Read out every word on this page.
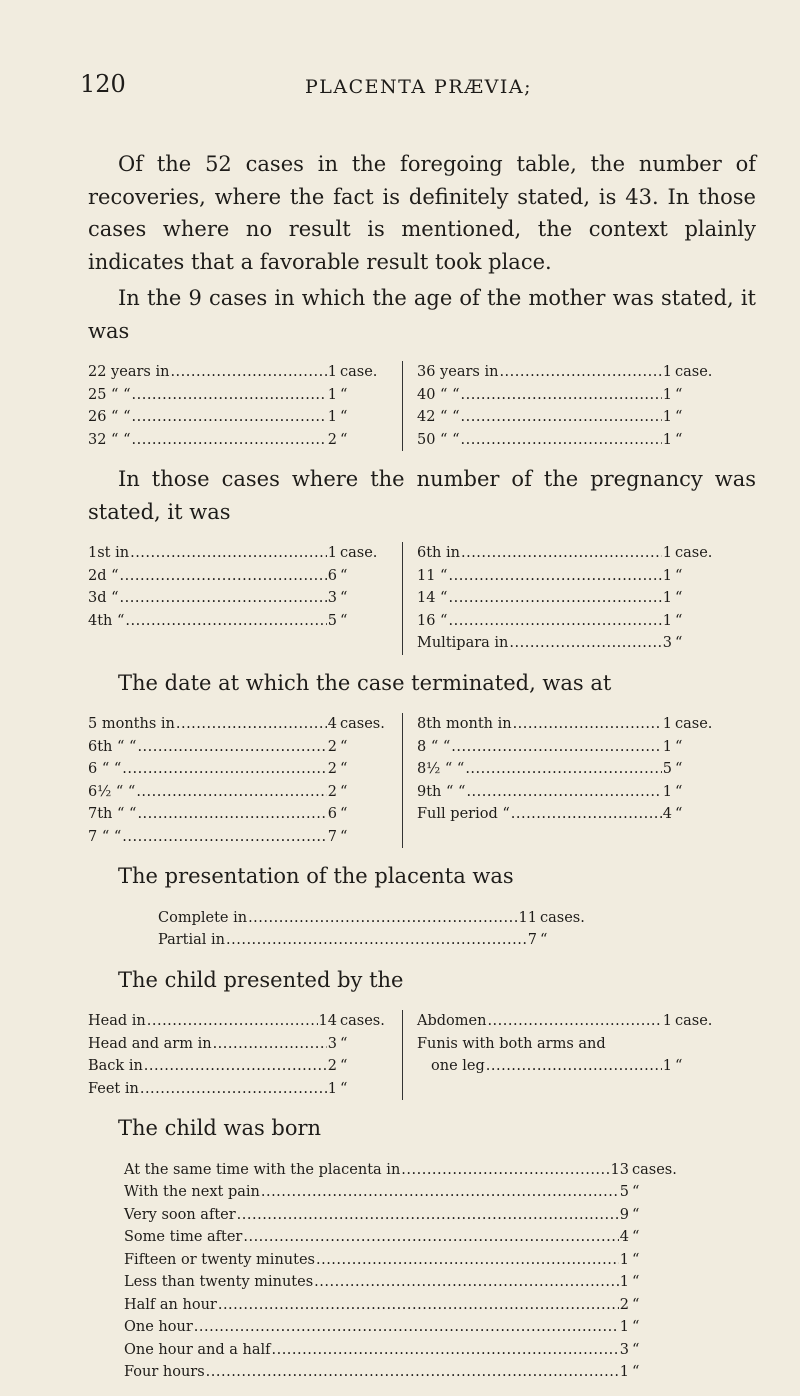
120	PLACENTA PRÆVIA;

Of the 52 cases in the foregoing table, the number of recoveries, where the fact is definitely stated, is 43. In those cases where no result is mentioned, the context plainly indicates that a favorable result took place.

In the 9 cases in which the age of the mother was stated, it was

22 years in .....	1 case.
25 “ “ .....	1 “
26 “ “ .....	1 “
32 “ “ .....	2 “
36 years in .....	1 case.
40 “ “ .....	1 “
42 “ “ .....	1 “
50 “ “ .....	1 “

In those cases where the number of the pregnancy was stated, it was

1st in .....	1 case.
2d “ .....	6 “
3d “ .....	3 “
4th “ .....	5 “
6th in .....	1 case.
11 “ .....	1 “
14 “ .....	1 “
16 “ .....	1 “
Multipara in .....	3 “

The date at which the case terminated, was at

5 months in .....	4 cases.
6th “ “ .....	2 “
6 “ “ .....	2 “
6½ “ “ .....	2 “
7th “ “ .....	6 “
7 “ “ .....	7 “
8th month in .....	1 case.
8 “ “ .....	1 “
8½ “ “ .....	5 “
9th “ “ .....	1 “
Full period “ .....	4 “

The presentation of the placenta was

Complete in .....	11 cases.
Partial in .....	7 “

The child presented by the

Head in .....	14 cases.
Head and arm in .....	3 “
Back in .....	2 “
Feet in .....	1 “
Abdomen .....	1 case.
Funis with both arms and
one leg .....	1 “

The child was born

At the same time with the placenta in .....	13 cases.
With the next pain .....	5 “
Very soon after .....	9 “
Some time after .....	4 “
Fifteen or twenty minutes .....	1 “
Less than twenty minutes .....	1 “
Half an hour .....	2 “
One hour .....	1 “
One hour and a half .....	3 “
Four hours .....	1 “
